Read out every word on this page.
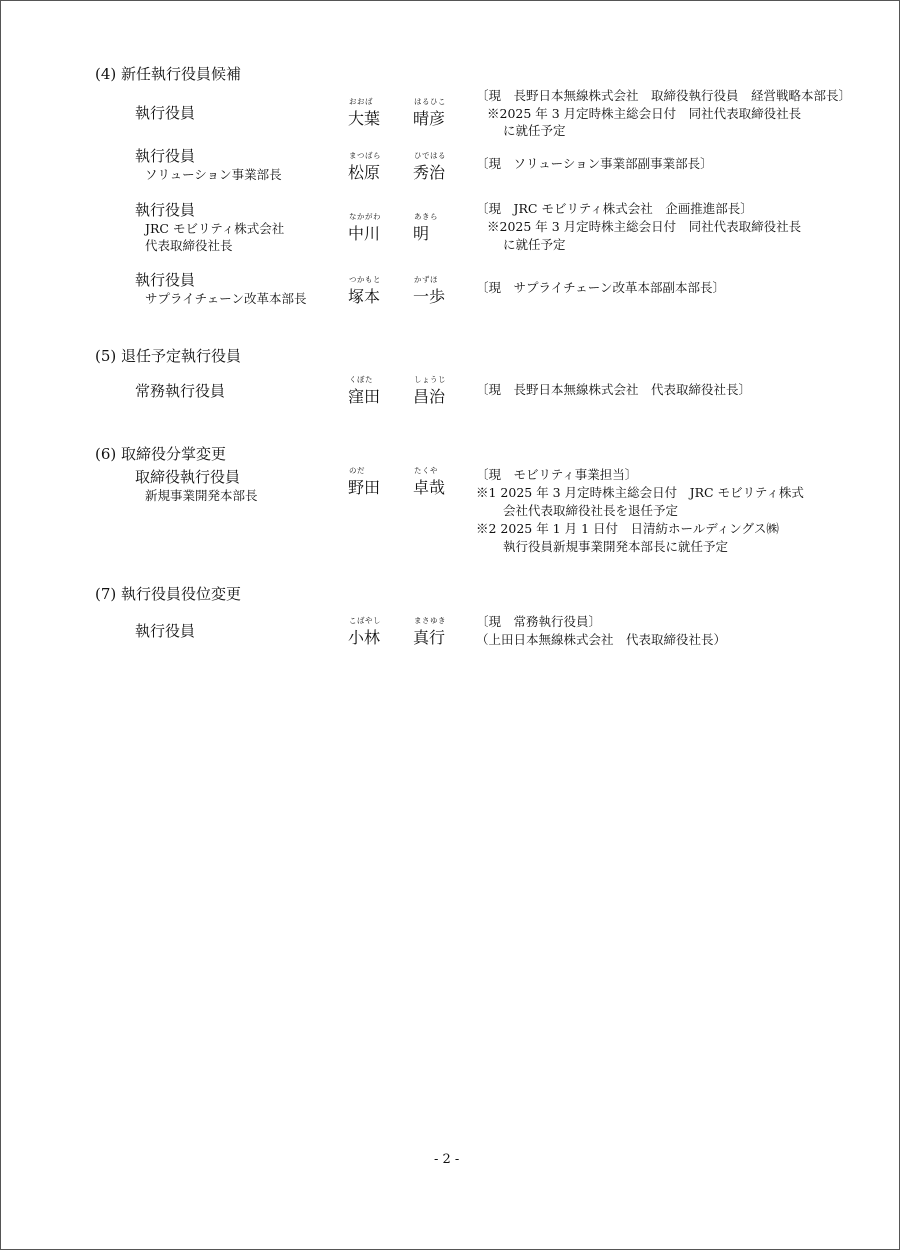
(4) 新任執行役員候補
執行役員
おおば	はるひこ
大葉 晴彦
〔現　長野日本無線株式会社　取締役執行役員　経営戦略本部長〕
※2025 年 3 月定時株主総会日付　同社代表取締役社長
に就任予定
執行役員
ソリューション事業部長
まつばら	ひではる
松原 秀治 〔現　ソリューション事業部副事業部長〕
執行役員
JRC モビリティ株式会社
代表取締役社長
なかがわ	あきら
中川 明
〔現　JRC モビリティ株式会社　企画推進部長〕
※2025 年 3 月定時株主総会日付　同社代表取締役社長
に就任予定
執行役員
サプライチェーン改革本部長
つかもと	かずほ
塚本 一歩 〔現　サプライチェーン改革本部副本部長〕
(5) 退任予定執行役員
常務執行役員
くぼた	しょうじ
窪田 昌治 〔現　長野日本無線株式会社　代表取締役社長〕
(6) 取締役分掌変更
取締役執行役員
新規事業開発本部長
のだ	たくや
野田 卓哉
〔現　モビリティ事業担当〕
※1 2025 年 3 月定時株主総会日付　JRC モビリティ株式
会社代表取締役社長を退任予定
※2 2025 年 1 月 1 日付　日清紡ホールディングス㈱
執行役員新規事業開発本部長に就任予定
(7) 執行役員役位変更
執行役員
こばやし	まさゆき
小林 真行
〔現　常務執行役員〕
（上田日本無線株式会社　代表取締役社長）
- 2 -
